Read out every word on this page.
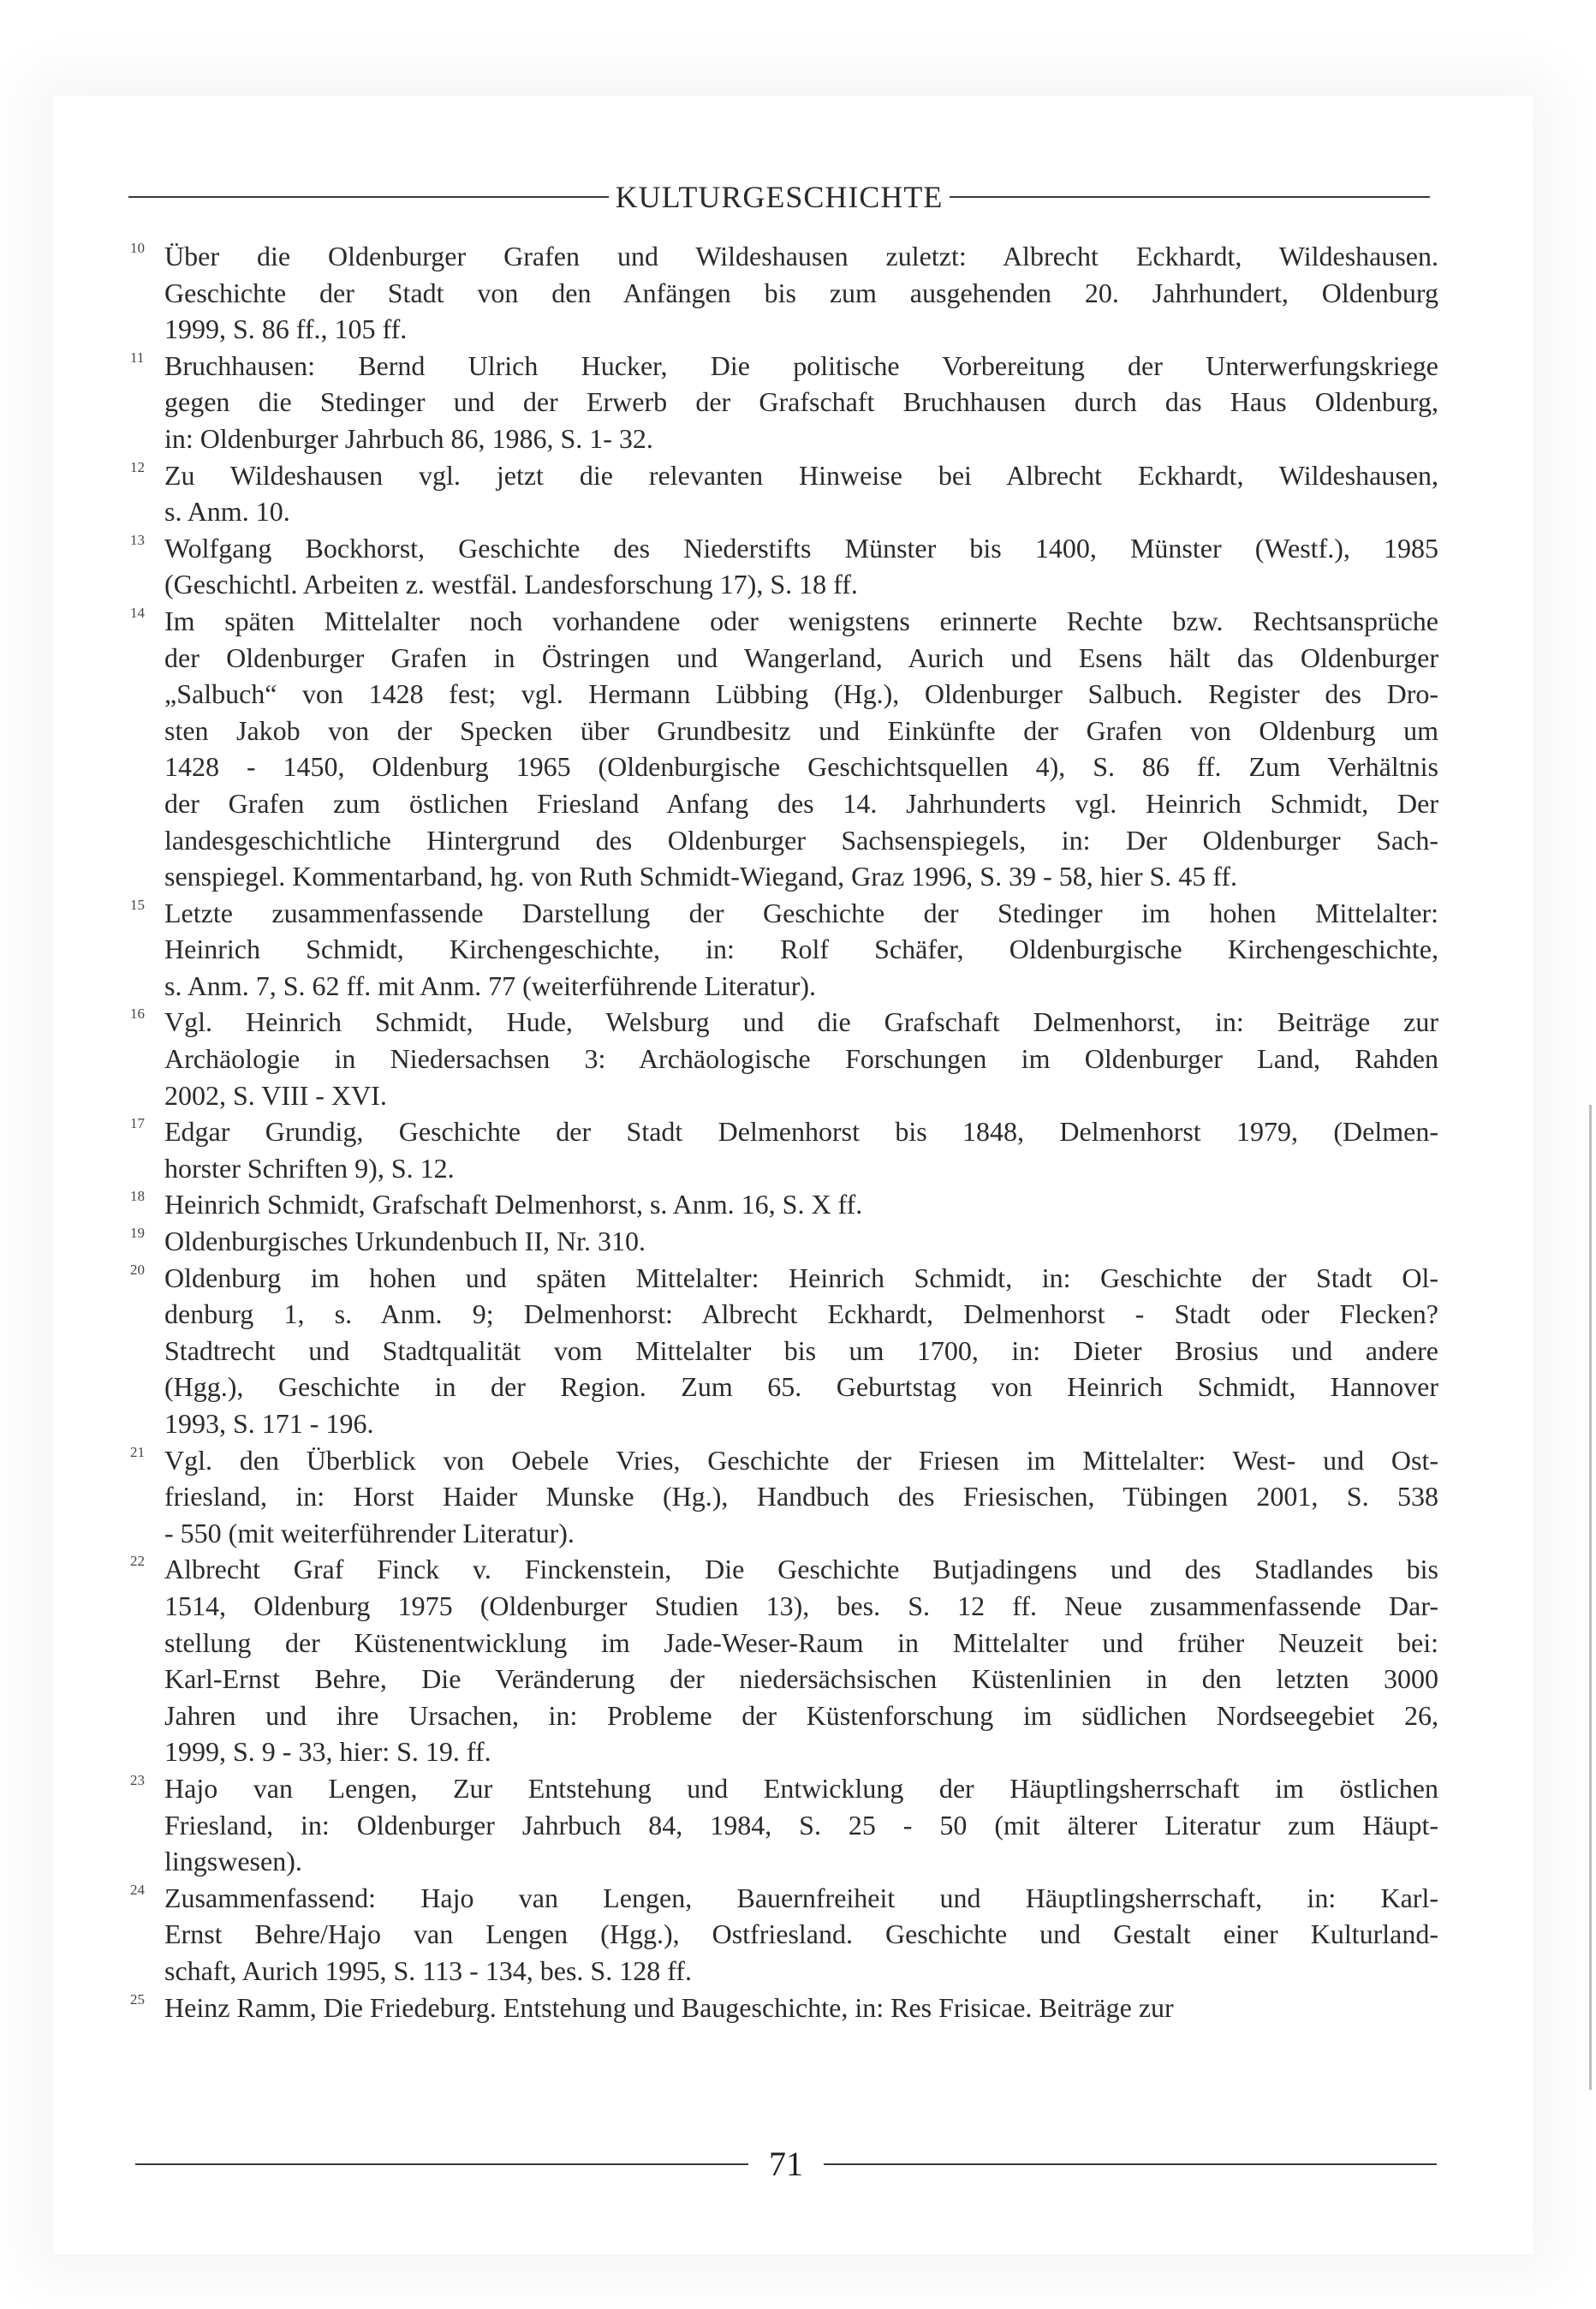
KULTURGESCHICHTE
10 Über die Oldenburger Grafen und Wildeshausen zuletzt: Albrecht Eckhardt, Wildeshausen.
Geschichte der Stadt von den Anfängen bis zum ausgehenden 20. Jahrhundert, Oldenburg
1999, S. 86 ff., 105 ff.
11 Bruchhausen: Bernd Ulrich Hucker, Die politische Vorbereitung der Unterwerfungskriege
gegen die Stedinger und der Erwerb der Grafschaft Bruchhausen durch das Haus Oldenburg,
in: Oldenburger Jahrbuch 86, 1986, S. 1- 32.
12 Zu Wildeshausen vgl. jetzt die relevanten Hinweise bei Albrecht Eckhardt, Wildeshausen,
s. Anm. 10.
13 Wolfgang Bockhorst, Geschichte des Niederstifts Münster bis 1400, Münster (Westf.), 1985
(Geschichtl. Arbeiten z. westfäl. Landesforschung 17), S. 18 ff.
14 Im späten Mittelalter noch vorhandene oder wenigstens erinnerte Rechte bzw. Rechtsansprüche
der Oldenburger Grafen in Östringen und Wangerland, Aurich und Esens hält das Oldenburger
„Salbuch“ von 1428 fest; vgl. Hermann Lübbing (Hg.), Oldenburger Salbuch. Register des Dro-
sten Jakob von der Specken über Grundbesitz und Einkünfte der Grafen von Oldenburg um
1428 - 1450, Oldenburg 1965 (Oldenburgische Geschichtsquellen 4), S. 86 ff. Zum Verhältnis
der Grafen zum östlichen Friesland Anfang des 14. Jahrhunderts vgl. Heinrich Schmidt, Der
landesgeschichtliche Hintergrund des Oldenburger Sachsenspiegels, in: Der Oldenburger Sach-
senspiegel. Kommentarband, hg. von Ruth Schmidt-Wiegand, Graz 1996, S. 39 - 58, hier S. 45 ff.
15 Letzte zusammenfassende Darstellung der Geschichte der Stedinger im hohen Mittelalter:
Heinrich Schmidt, Kirchengeschichte, in: Rolf Schäfer, Oldenburgische Kirchengeschichte,
s. Anm. 7, S. 62 ff. mit Anm. 77 (weiterführende Literatur).
16 Vgl. Heinrich Schmidt, Hude, Welsburg und die Grafschaft Delmenhorst, in: Beiträge zur
Archäologie in Niedersachsen 3: Archäologische Forschungen im Oldenburger Land, Rahden
2002, S. VIII - XVI.
17 Edgar Grundig, Geschichte der Stadt Delmenhorst bis 1848, Delmenhorst 1979, (Delmen-
horster Schriften 9), S. 12.
18 Heinrich Schmidt, Grafschaft Delmenhorst, s. Anm. 16, S. X ff.
19 Oldenburgisches Urkundenbuch II, Nr. 310.
20 Oldenburg im hohen und späten Mittelalter: Heinrich Schmidt, in: Geschichte der Stadt Ol-
denburg 1, s. Anm. 9; Delmenhorst: Albrecht Eckhardt, Delmenhorst - Stadt oder Flecken?
Stadtrecht und Stadtqualität vom Mittelalter bis um 1700, in: Dieter Brosius und andere
(Hgg.), Geschichte in der Region. Zum 65. Geburtstag von Heinrich Schmidt, Hannover
1993, S. 171 - 196.
21 Vgl. den Überblick von Oebele Vries, Geschichte der Friesen im Mittelalter: West- und Ost-
friesland, in: Horst Haider Munske (Hg.), Handbuch des Friesischen, Tübingen 2001, S. 538
- 550 (mit weiterführender Literatur).
22 Albrecht Graf Finck v. Finckenstein, Die Geschichte Butjadingens und des Stadlandes bis
1514, Oldenburg 1975 (Oldenburger Studien 13), bes. S. 12 ff. Neue zusammenfassende Dar-
stellung der Küstenentwicklung im Jade-Weser-Raum in Mittelalter und früher Neuzeit bei:
Karl-Ernst Behre, Die Veränderung der niedersächsischen Küstenlinien in den letzten 3000
Jahren und ihre Ursachen, in: Probleme der Küstenforschung im südlichen Nordseegebiet 26,
1999, S. 9 - 33, hier: S. 19. ff.
23 Hajo van Lengen, Zur Entstehung und Entwicklung der Häuptlingsherrschaft im östlichen
Friesland, in: Oldenburger Jahrbuch 84, 1984, S. 25 - 50 (mit älterer Literatur zum Häupt-
lingswesen).
24 Zusammenfassend: Hajo van Lengen, Bauernfreiheit und Häuptlingsherrschaft, in: Karl-
Ernst Behre/Hajo van Lengen (Hgg.), Ostfriesland. Geschichte und Gestalt einer Kulturland-
schaft, Aurich 1995, S. 113 - 134, bes. S. 128 ff.
25 Heinz Ramm, Die Friedeburg. Entstehung und Baugeschichte, in: Res Frisicae. Beiträge zur
71
